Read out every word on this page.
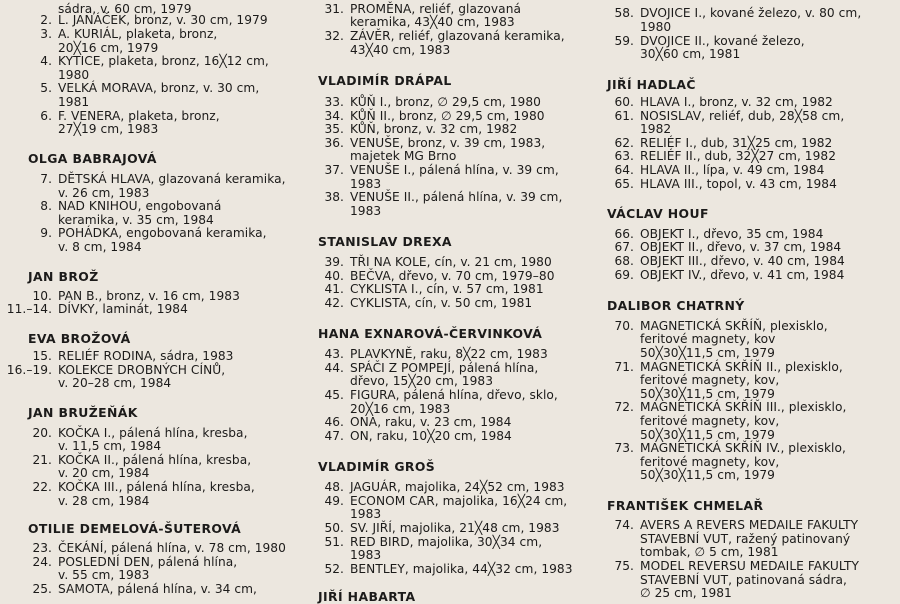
sádra, v. 60 cm, 1979
2. L. JANÁČEK, bronz, v. 30 cm, 1979
3. A. KURIÁL, plaketa, bronz,
20╳16 cm, 1979
4. KYTICE, plaketa, bronz, 16╳12 cm,
1980
5. VELKÁ MORAVA, bronz, v. 30 cm,
1981
6. F. VENERA, plaketa, bronz,
27╳19 cm, 1983
OLGA BABRAJOVÁ
7. DĚTSKÁ HLAVA, glazovaná keramika,
v. 26 cm, 1983
8. NAD KNIHOU, engobovaná
keramika, v. 35 cm, 1984
9. POHÁDKA, engobovaná keramika,
v. 8 cm, 1984
JAN BROŽ
10. PAN B., bronz, v. 16 cm, 1983
11.–14. DÍVKY, laminát, 1984
EVA BROŽOVÁ
15. RELIÉF RODINA, sádra, 1983
16.–19. KOLEKCE DROBNÝCH CÍNŮ,
v. 20–28 cm, 1984
JAN BRUŽEŇÁK
20. KOČKA I., pálená hlína, kresba,
v. 11,5 cm, 1984
21. KOČKA II., pálená hlína, kresba,
v. 20 cm, 1984
22. KOČKA III., pálená hlína, kresba,
v. 28 cm, 1984
OTILIE DEMELOVÁ-ŠUTEROVÁ
23. ČEKÁNÍ, pálená hlína, v. 78 cm, 1980
24. POSLEDNÍ DEN, pálená hlína,
v. 55 cm, 1983
25. SAMOTA, pálená hlína, v. 34 cm,
31. PROMĚNA, reliéf, glazovaná
keramika, 43╳40 cm, 1983
32. ZÁVĚR, reliéf, glazovaná keramika,
43╳40 cm, 1983
VLADIMÍR DRÁPAL
33. KŮŇ I., bronz, ∅ 29,5 cm, 1980
34. KŮŇ II., bronz, ∅ 29,5 cm, 1980
35. KŮŇ, bronz, v. 32 cm, 1982
36. VENUŠE, bronz, v. 39 cm, 1983,
majetek MG Brno
37. VENUŠE I., pálená hlína, v. 39 cm,
1983
38. VENUŠE II., pálená hlína, v. 39 cm,
1983
STANISLAV DREXA
39. TŘI NA KOLE, cín, v. 21 cm, 1980
40. BEČVA, dřevo, v. 70 cm, 1979–80
41. CYKLISTA I., cín, v. 57 cm, 1981
42. CYKLISTA, cín, v. 50 cm, 1981
HANA EXNAROVÁ-ČERVINKOVÁ
43. PLAVKYNĚ, raku, 8╳22 cm, 1983
44. SPÁČI Z POMPEJÍ, pálená hlína,
dřevo, 15╳20 cm, 1983
45. FIGURA, pálená hlína, dřevo, sklo,
20╳16 cm, 1983
46. ONA, raku, v. 23 cm, 1984
47. ON, raku, 10╳20 cm, 1984
VLADIMÍR GROŠ
48. JAGUÁR, majolika, 24╳52 cm, 1983
49. ECONOM CAR, majolika, 16╳24 cm,
1983
50. SV. JIŘÍ, majolika, 21╳48 cm, 1983
51. RED BIRD, majolika, 30╳34 cm,
1983
52. BENTLEY, majolika, 44╳32 cm, 1983
JIŘÍ HABARTA
58. DVOJICE I., kované železo, v. 80 cm,
1980
59. DVOJICE II., kované železo,
30╳60 cm, 1981
JIŘÍ HADLAČ
60. HLAVA I., bronz, v. 32 cm, 1982
61. NOSISLAV, reliéf, dub, 28╳58 cm,
1982
62. RELIÉF I., dub, 31╳25 cm, 1982
63. RELIÉF II., dub, 32╳27 cm, 1982
64. HLAVA II., lípa, v. 49 cm, 1984
65. HLAVA III., topol, v. 43 cm, 1984
VÁCLAV HOUF
66. OBJEKT I., dřevo, 35 cm, 1984
67. OBJEKT II., dřevo, v. 37 cm, 1984
68. OBJEKT III., dřevo, v. 40 cm, 1984
69. OBJEKT IV., dřevo, v. 41 cm, 1984
DALIBOR CHATRNÝ
70. MAGNETICKÁ SKŘÍŇ, plexisklo,
feritové magnety, kov
50╳30╳11,5 cm, 1979
71. MAGNETICKÁ SKŘÍŇ II., plexisklo,
feritové magnety, kov,
50╳30╳11,5 cm, 1979
72. MAGNETICKÁ SKŘÍŇ III., plexisklo,
feritové magnety, kov,
50╳30╳11,5 cm, 1979
73. MAGNETICKÁ SKŘÍŇ IV., plexisklo,
feritové magnety, kov,
50╳30╳11,5 cm, 1979
FRANTIŠEK CHMELAŘ
74. AVERS A REVERS MEDAILE FAKULTY
STAVEBNÍ VUT, ražený patinovaný
tombak, ∅ 5 cm, 1981
75. MODEL REVERSU MEDAILE FAKULTY
STAVEBNÍ VUT, patinovaná sádra,
∅ 25 cm, 1981
